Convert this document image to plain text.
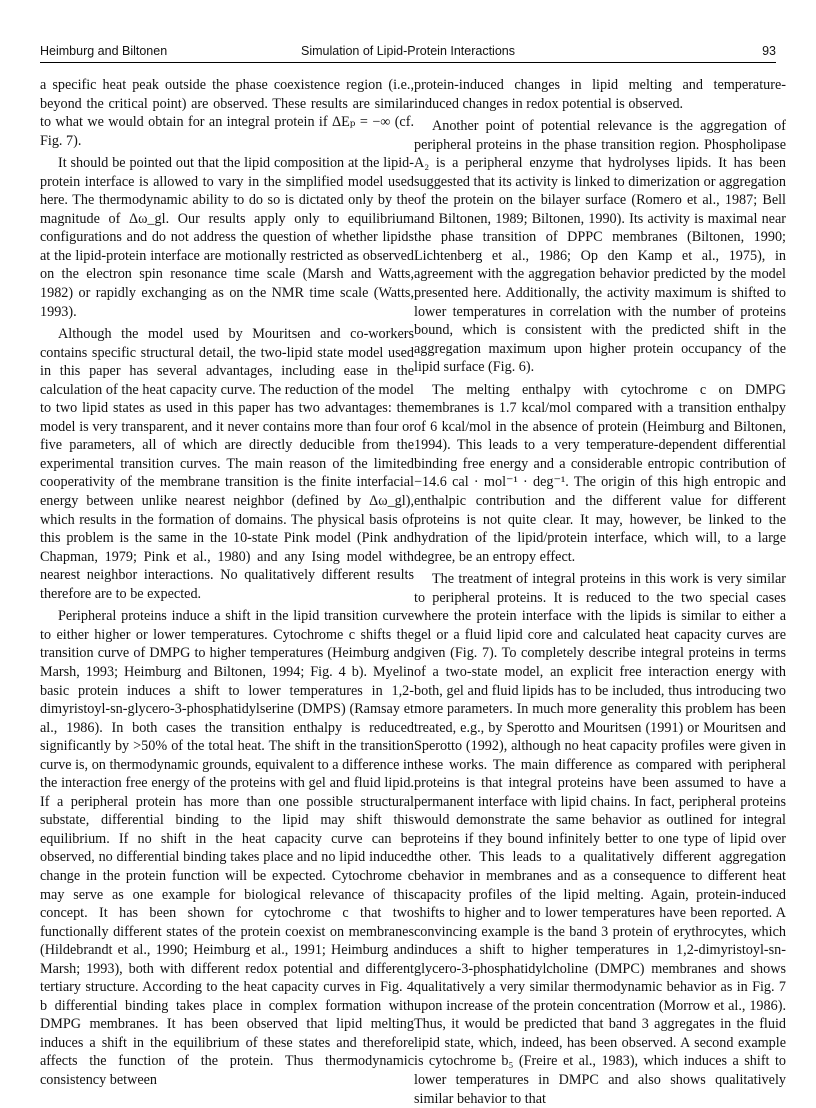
Heimburg and Biltonen	Simulation of Lipid-Protein Interactions	93

a specific heat peak outside the phase coexistence region (i.e., beyond the critical point) are observed. These results are similar to what we would obtain for an integral protein if ΔEₚ = −∞ (cf. Fig. 7).

It should be pointed out that the lipid composition at the lipid-protein interface is allowed to vary in the simplified model used here. The thermodynamic ability to do so is dictated only by the magnitude of Δω_gl. Our results apply only to equilibrium configurations and do not address the question of whether lipids at the lipid-protein interface are motionally restricted as observed on the electron spin resonance time scale (Marsh and Watts, 1982) or rapidly exchanging as on the NMR time scale (Watts, 1993).

Although the model used by Mouritsen and co-workers contains specific structural detail, the two-lipid state model used in this paper has several advantages, including ease in the calculation of the heat capacity curve. The reduction of the model to two lipid states as used in this paper has two advantages: the model is very transparent, and it never contains more than four or five parameters, all of which are directly deducible from the experimental transition curves. The main reason of the limited cooperativity of the membrane transition is the finite interfacial energy between unlike nearest neighbor (defined by Δω_gl), which results in the formation of domains. The physical basis of this problem is the same in the 10-state Pink model (Pink and Chapman, 1979; Pink et al., 1980) and any Ising model with nearest neighbor interactions. No qualitatively different results therefore are to be expected.

Peripheral proteins induce a shift in the lipid transition curve to either higher or lower temperatures. Cytochrome c shifts the transition curve of DMPG to higher temperatures (Heimburg and Marsh, 1993; Heimburg and Biltonen, 1994; Fig. 4 b). Myelin basic protein induces a shift to lower temperatures in 1,2-dimyristoyl-sn-glycero-3-phosphatidylserine (DMPS) (Ramsay et al., 1986). In both cases the transition enthalpy is reduced significantly by >50% of the total heat. The shift in the transition curve is, on thermodynamic grounds, equivalent to a difference in the interaction free energy of the proteins with gel and fluid lipid. If a peripheral protein has more than one possible structural substate, differential binding to the lipid may shift this equilibrium. If no shift in the heat capacity curve can be observed, no differential binding takes place and no lipid induced change in the protein function will be expected. Cytochrome c may serve as one example for biological relevance of this concept. It has been shown for cytochrome c that two functionally different states of the protein coexist on membranes (Hildebrandt et al., 1990; Heimburg et al., 1991; Heimburg and Marsh; 1993), both with different redox potential and different tertiary structure. According to the heat capacity curves in Fig. 4 b differential binding takes place in complex formation with DMPG membranes. It has been observed that lipid melting induces a shift in the equilibrium of these states and therefore affects the function of the protein. Thus thermodynamic consistency between

protein-induced changes in lipid melting and temperature-induced changes in redox potential is observed.

Another point of potential relevance is the aggregation of peripheral proteins in the phase transition region. Phospholipase A₂ is a peripheral enzyme that hydrolyses lipids. It has been suggested that its activity is linked to dimerization or aggregation of the protein on the bilayer surface (Romero et al., 1987; Bell and Biltonen, 1989; Biltonen, 1990). Its activity is maximal near the phase transition of DPPC membranes (Biltonen, 1990; Lichtenberg et al., 1986; Op den Kamp et al., 1975), in agreement with the aggregation behavior predicted by the model presented here. Additionally, the activity maximum is shifted to lower temperatures in correlation with the number of proteins bound, which is consistent with the predicted shift in the aggregation maximum upon higher protein occupancy of the lipid surface (Fig. 6).

The melting enthalpy with cytochrome c on DMPG membranes is 1.7 kcal/mol compared with a transition enthalpy of 6 kcal/mol in the absence of protein (Heimburg and Biltonen, 1994). This leads to a very temperature-dependent differential binding free energy and a considerable entropic contribution of −14.6 cal · mol⁻¹ · deg⁻¹. The origin of this high entropic and enthalpic contribution and the different value for different proteins is not quite clear. It may, however, be linked to the hydration of the lipid/protein interface, which will, to a large degree, be an entropy effect.

The treatment of integral proteins in this work is very similar to peripheral proteins. It is reduced to the two special cases where the protein interface with the lipids is similar to either a gel or a fluid lipid core and calculated heat capacity curves are given (Fig. 7). To completely describe integral proteins in terms of a two-state model, an explicit free interaction energy with both, gel and fluid lipids has to be included, thus introducing two more parameters. In much more generality this problem has been treated, e.g., by Sperotto and Mouritsen (1991) or Mouritsen and Sperotto (1992), although no heat capacity profiles were given in these works. The main difference as compared with peripheral proteins is that integral proteins have been assumed to have a permanent interface with lipid chains. In fact, peripheral proteins would demonstrate the same behavior as outlined for integral proteins if they bound infinitely better to one type of lipid over the other. This leads to a qualitatively different aggregation behavior in membranes and as a consequence to different heat capacity profiles of the lipid melting. Again, protein-induced shifts to higher and to lower temperatures have been reported. A convincing example is the band 3 protein of erythrocytes, which induces a shift to higher temperatures in 1,2-dimyristoyl-sn-glycero-3-phosphatidylcholine (DMPC) membranes and shows qualitatively a very similar thermodynamic behavior as in Fig. 7 upon increase of the protein concentration (Morrow et al., 1986). Thus, it would be predicted that band 3 aggregates in the fluid lipid state, which, indeed, has been observed. A second example is cytochrome b₅ (Freire et al., 1983), which induces a shift to lower temperatures in DMPC and also shows qualitatively similar behavior to that
